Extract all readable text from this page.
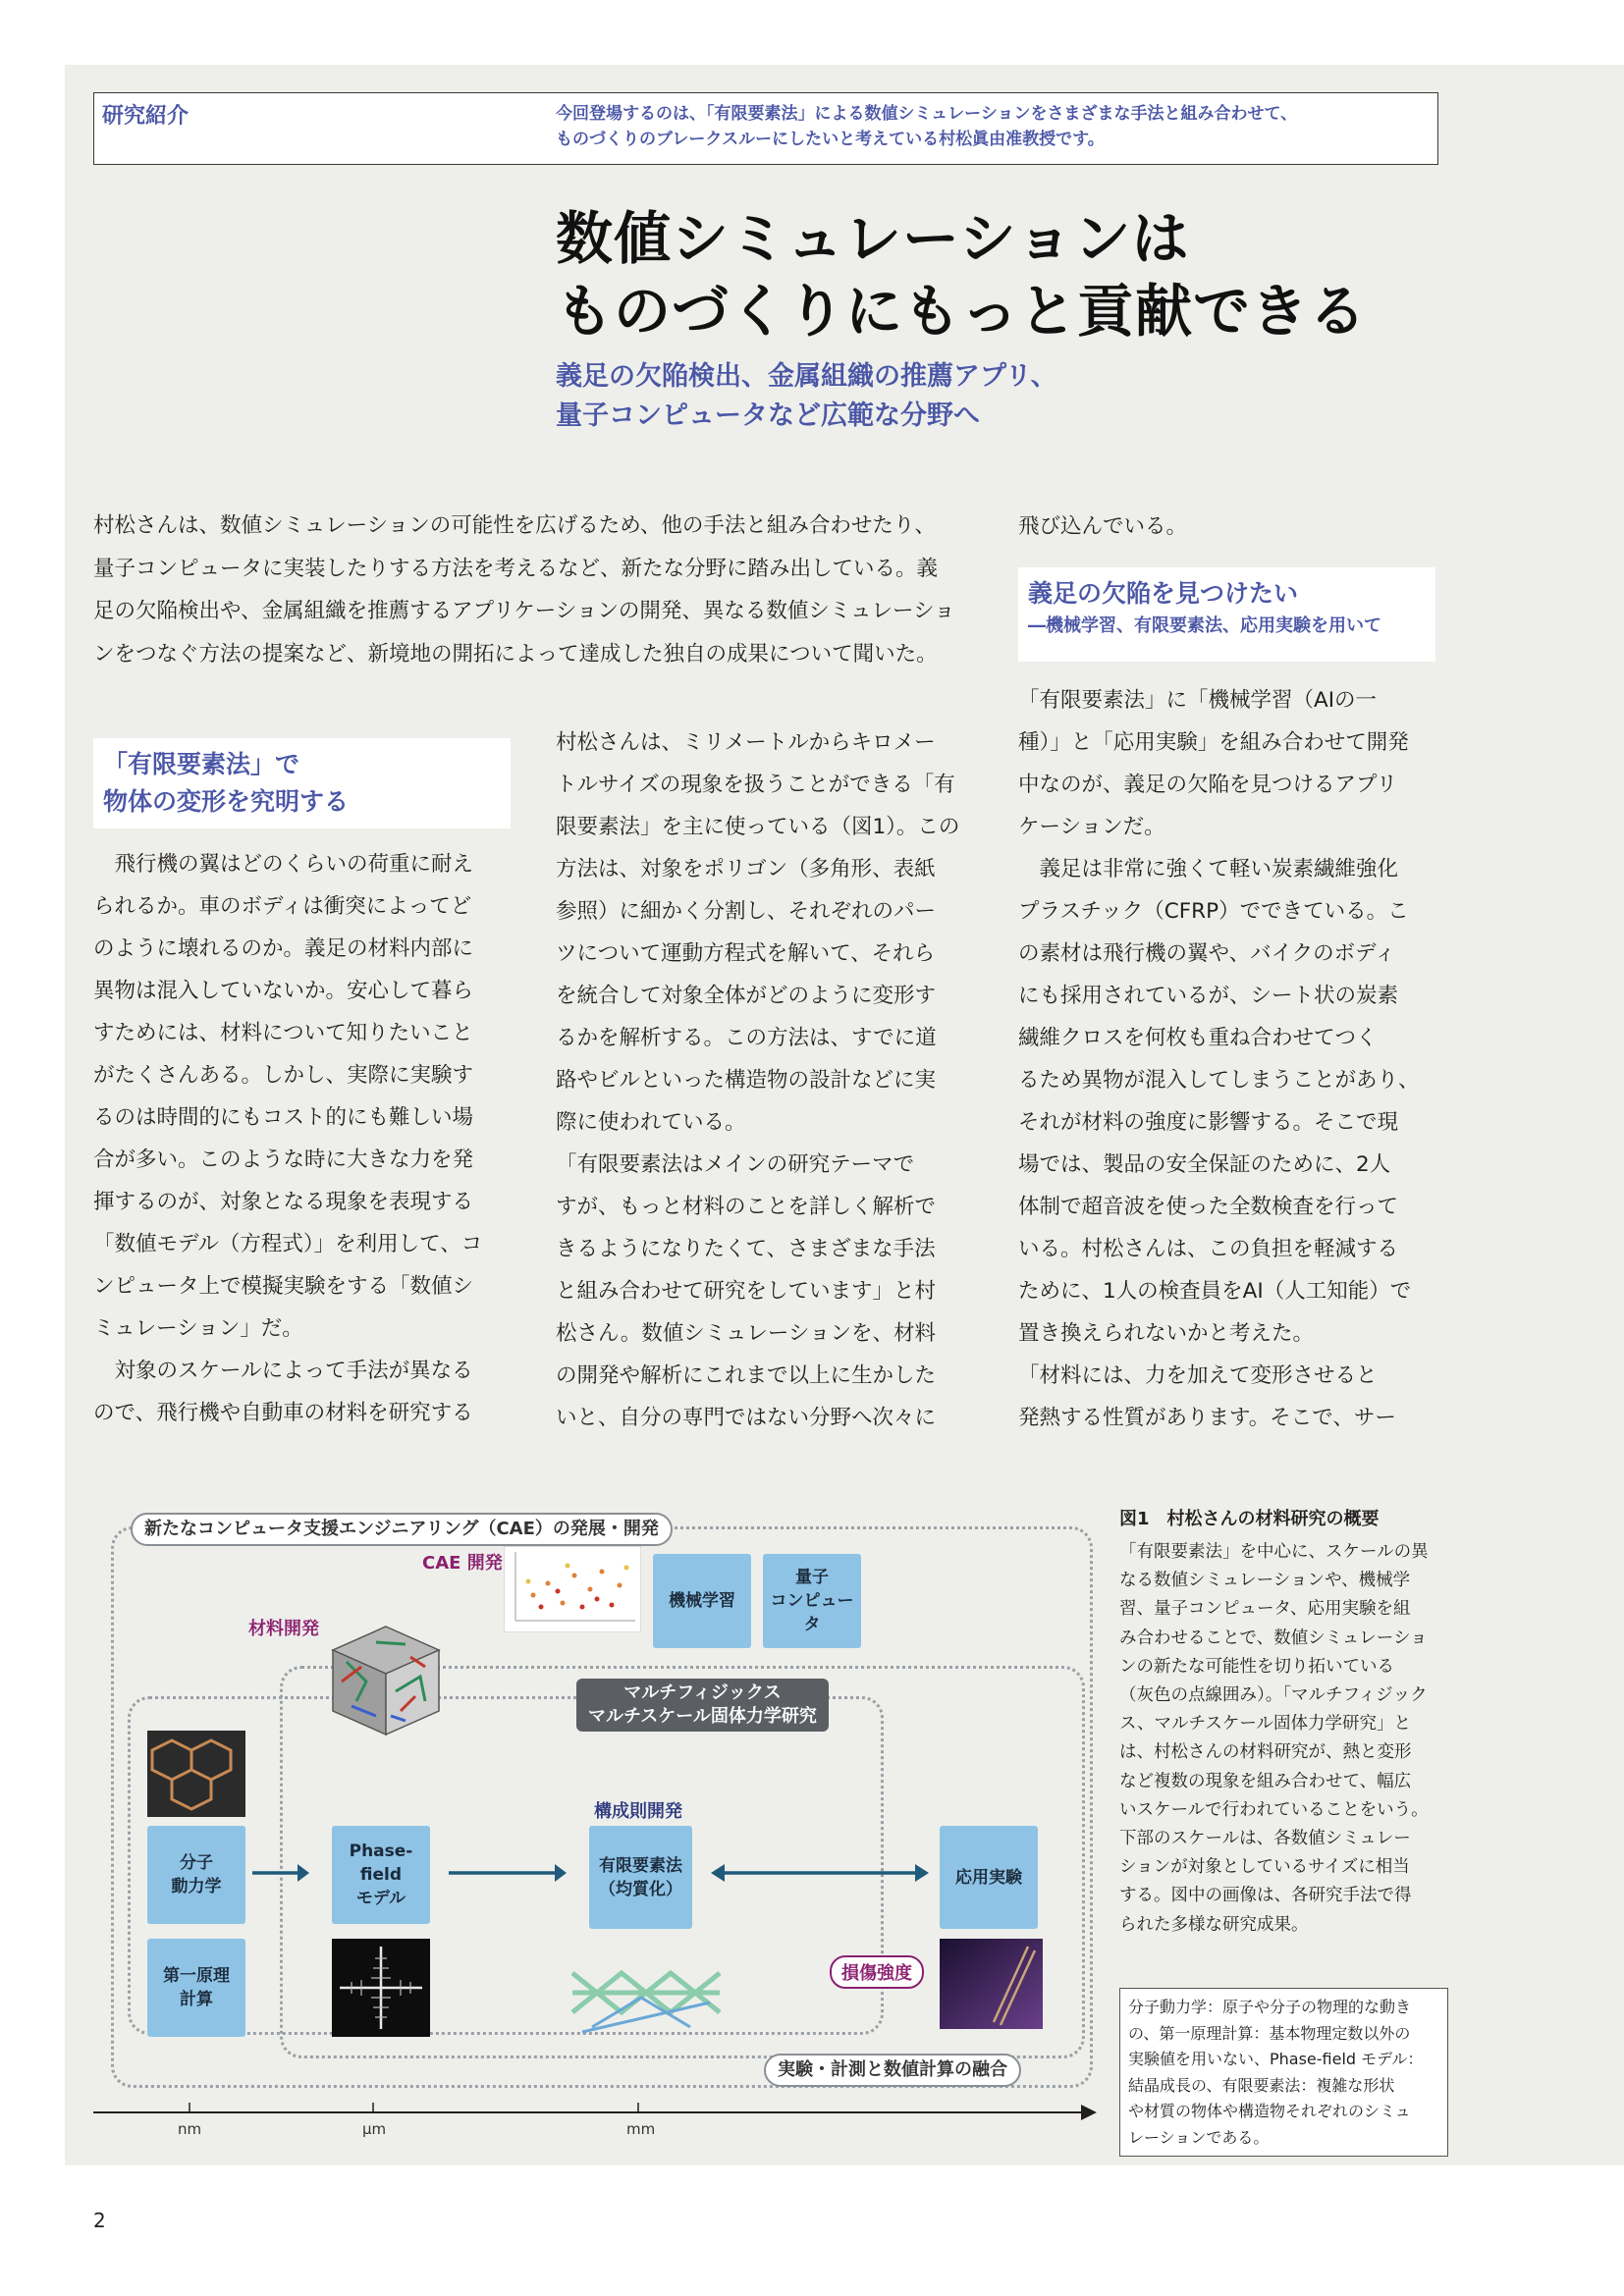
研究紹介	今回登場するのは、「有限要素法」による数値シミュレーションをさまざまな手法と組み合わせて、
ものづくりのブレークスルーにしたいと考えている村松眞由准教授です。
数値シミュレーションは
ものづくりにもっと貢献できる
義足の欠陥検出、金属組織の推薦アプリ、
量子コンピュータなど広範な分野へ
村松さんは、数値シミュレーションの可能性を広げるため、他の手法と組み合わせたり、
量子コンピュータに実装したりする方法を考えるなど、新たな分野に踏み出している。義
足の欠陥検出や、金属組織を推薦するアプリケーションの開発、異なる数値シミュレーショ
ンをつなぐ方法の提案など、新境地の開拓によって達成した独自の成果について聞いた。
「有限要素法」で
物体の変形を究明する
　飛行機の翼はどのくらいの荷重に耐え
られるか。車のボディは衝突によってど
のように壊れるのか。義足の材料内部に
異物は混入していないか。安心して暮ら
すためには、材料について知りたいこと
がたくさんある。しかし、実際に実験す
るのは時間的にもコスト的にも難しい場
合が多い。このような時に大きな力を発
揮するのが、対象となる現象を表現する
「数値モデル（方程式）」を利用して、コ
ンピュータ上で模擬実験をする「数値シ
ミュレーション」だ。
　対象のスケールによって手法が異なる
ので、飛行機や自動車の材料を研究する
村松さんは、ミリメートルからキロメー
トルサイズの現象を扱うことができる「有
限要素法」を主に使っている（図1）。この
方法は、対象をポリゴン（多角形、表紙
参照）に細かく分割し、それぞれのパー
ツについて運動方程式を解いて、それら
を統合して対象全体がどのように変形す
るかを解析する。この方法は、すでに道
路やビルといった構造物の設計などに実
際に使われている。
「有限要素法はメインの研究テーマで
すが、もっと材料のことを詳しく解析で
きるようになりたくて、さまざまな手法
と組み合わせて研究をしています」と村
松さん。数値シミュレーションを、材料
の開発や解析にこれまで以上に生かした
いと、自分の専門ではない分野へ次々に
飛び込んでいる。
義足の欠陥を見つけたい
―機械学習、有限要素法、応用実験を用いて
「有限要素法」に「機械学習（AIの一
種）」と「応用実験」を組み合わせて開発
中なのが、義足の欠陥を見つけるアプリ
ケーションだ。
　義足は非常に強くて軽い炭素繊維強化
プラスチック（CFRP）でできている。こ
の素材は飛行機の翼や、バイクのボディ
にも採用されているが、シート状の炭素
繊維クロスを何枚も重ね合わせてつく
るため異物が混入してしまうことがあり、
それが材料の強度に影響する。そこで現
場では、製品の安全保証のために、2人
体制で超音波を使った全数検査を行って
いる。村松さんは、この負担を軽減する
ために、1人の検査員をAI（人工知能）で
置き換えられないかと考えた。
「材料には、力を加えて変形させると
発熱する性質があります。そこで、サー
新たなコンピュータ支援エンジニアリング（CAE）の発展・開発
マルチフィジックス
マルチスケール固体力学研究
実験・計測と数値計算の融合
CAE 開発
機械学習
量子
コンピュータ
材料開発
分子
動力学
第一原理
計算
Phase-field
モデル
構成則開発
有限要素法
（均質化）
応用実験
損傷強度
nm	μm	mm
図1　村松さんの材料研究の概要
「有限要素法」を中心に、スケールの異
なる数値シミュレーションや、機械学
習、量子コンピュータ、応用実験を組
み合わせることで、数値シミュレーショ
ンの新たな可能性を切り拓いている
（灰色の点線囲み）。「マルチフィジック
ス、マルチスケール固体力学研究」と
は、村松さんの材料研究が、熱と変形
など複数の現象を組み合わせて、幅広
いスケールで行われていることをいう。
下部のスケールは、各数値シミュレー
ションが対象としているサイズに相当
する。図中の画像は、各研究手法で得
られた多様な研究成果。
分子動力学：原子や分子の物理的な動き
の、第一原理計算：基本物理定数以外の
実験値を用いない、Phase-field モデル：
結晶成長の、有限要素法：複雑な形状
や材質の物体や構造物それぞれのシミュ
レーションである。
2
